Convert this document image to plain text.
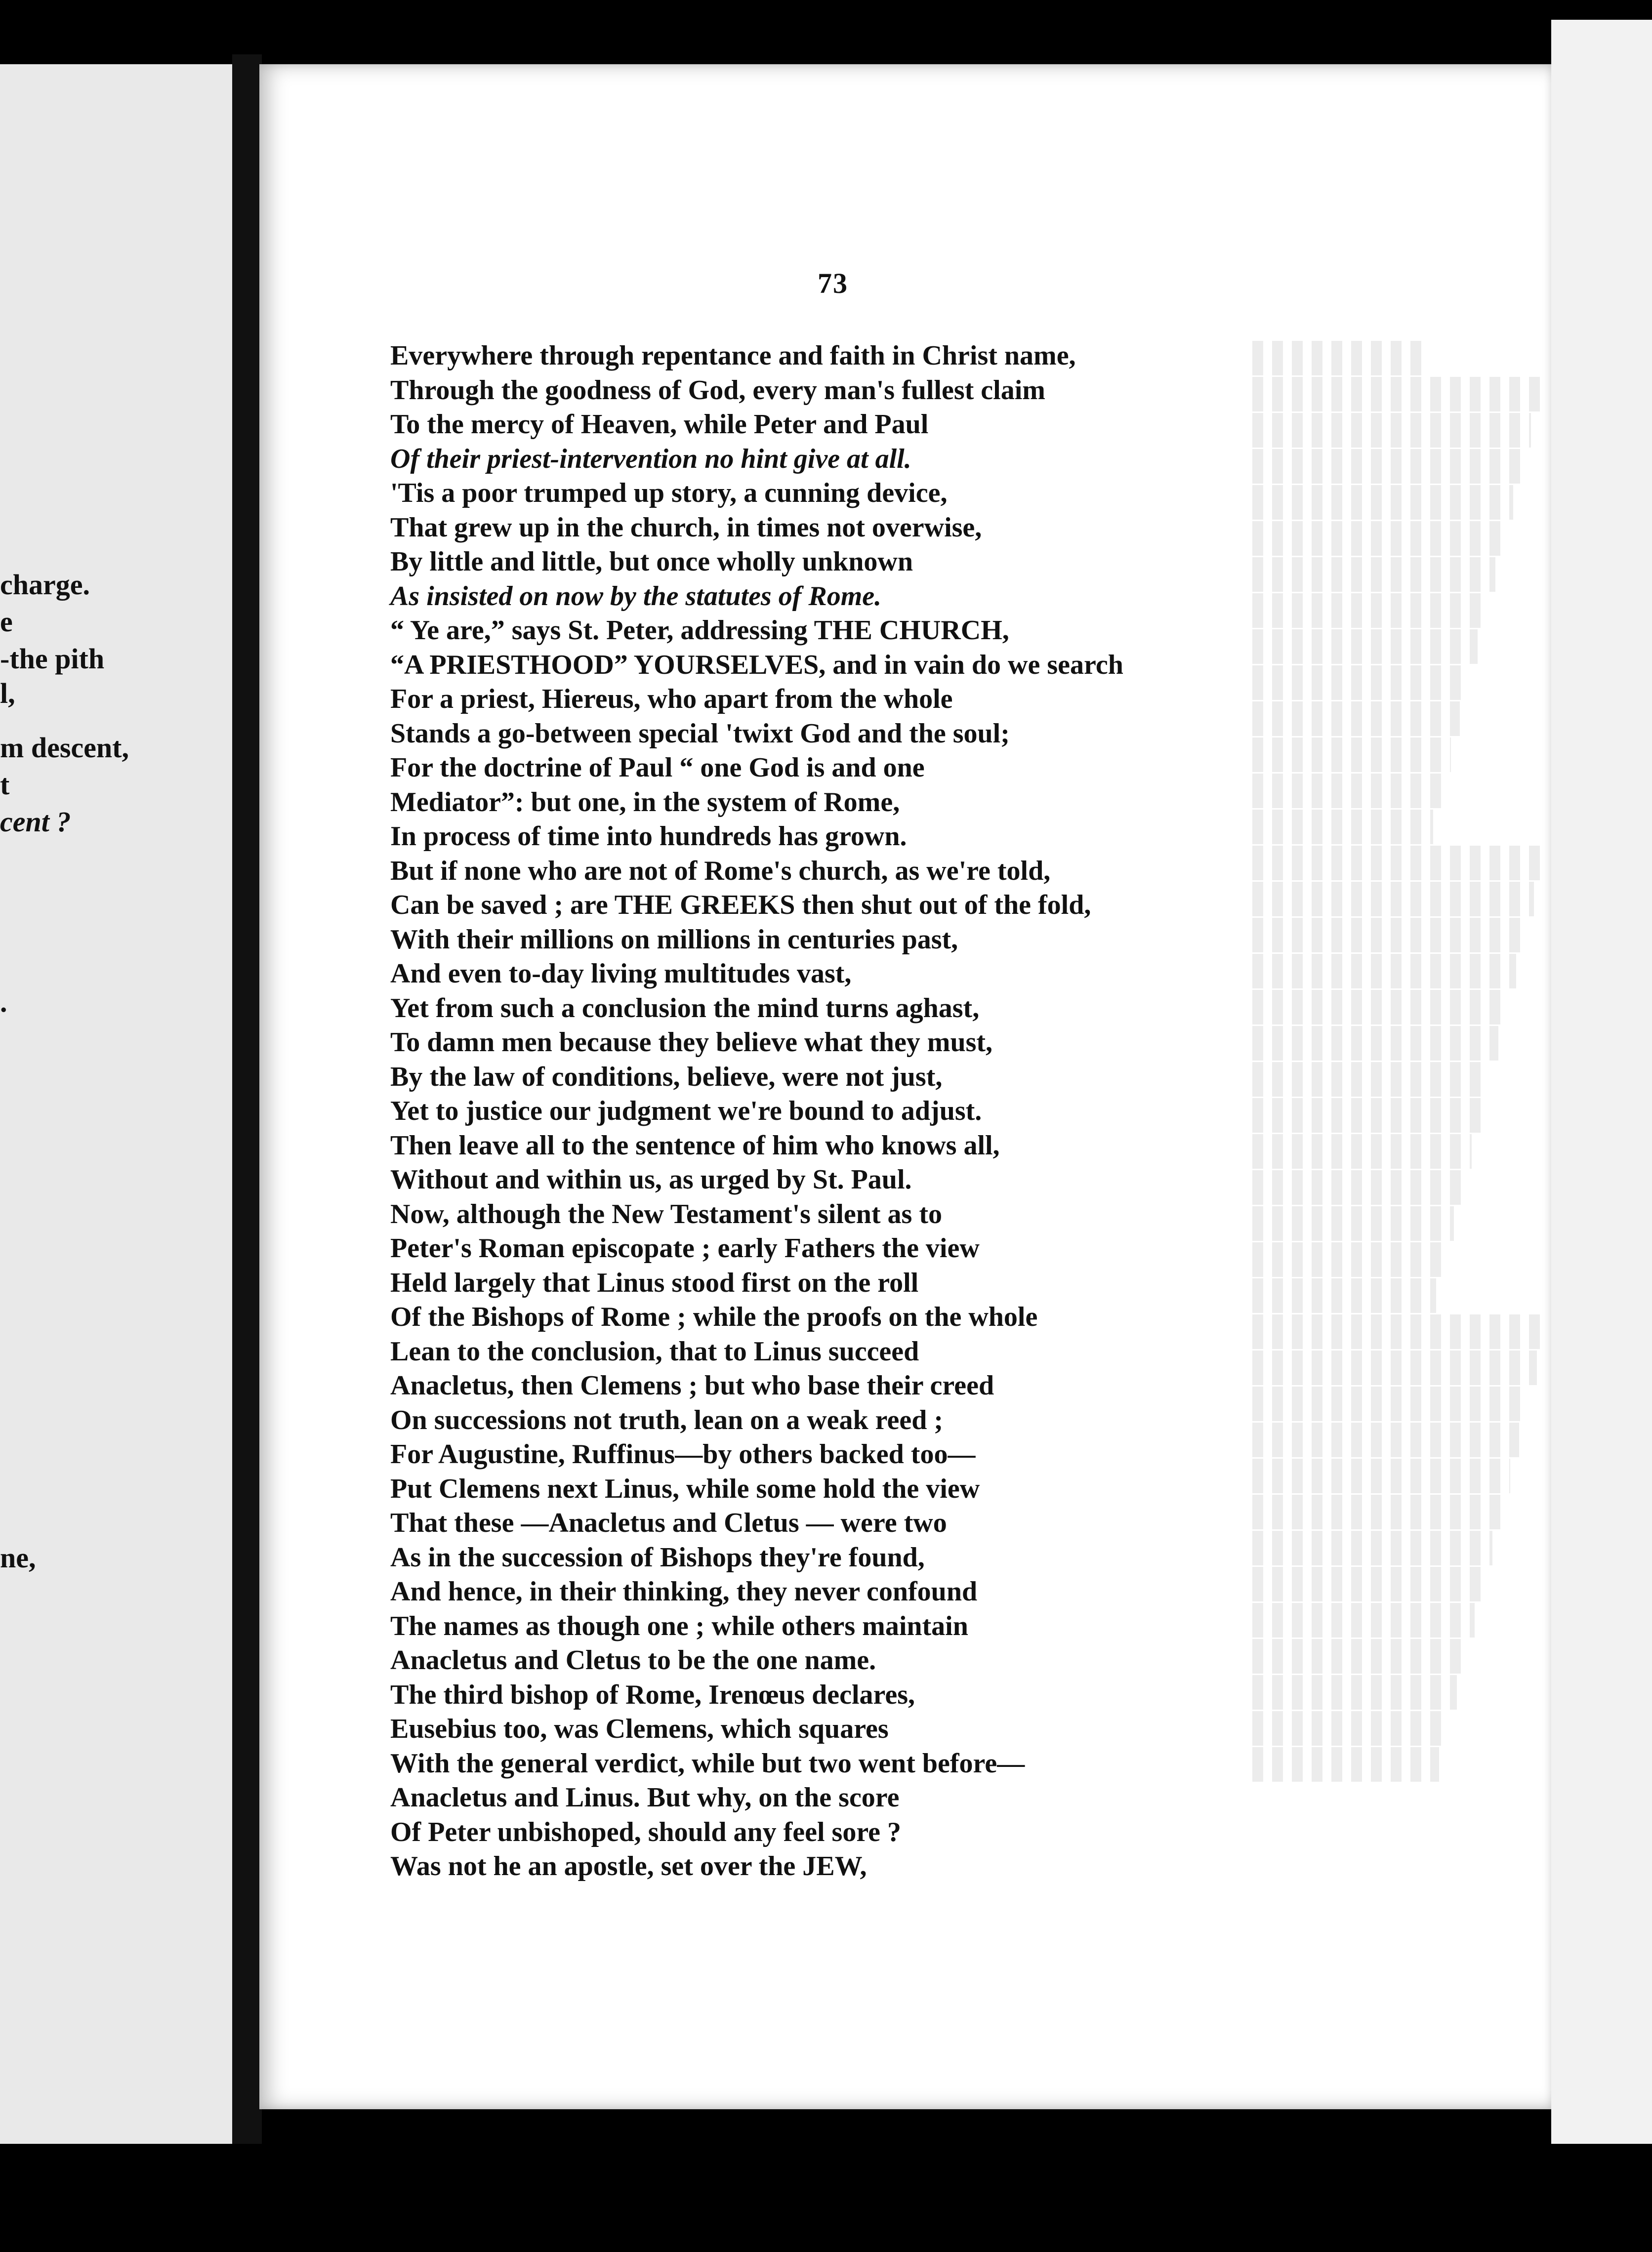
charge.
e
-the pith
l,
m descent,
t
cent ?
.
ne,
73
Everywhere through repentance and faith in Christ name,
Through the goodness of God, every man's fullest claim
To the mercy of Heaven, while Peter and Paul
Of their priest-intervention no hint give at all.
'Tis a poor trumped up story, a cunning device,
That grew up in the church, in times not overwise,
By little and little, but once wholly unknown
As insisted on now by the statutes of Rome.
“ Ye are,” says St. Peter, addressing THE CHURCH,
“A PRIESTHOOD” YOURSELVES, and in vain do we search
For a priest, Hiereus, who apart from the whole
Stands a go-between special 'twixt God and the soul;
For the doctrine of Paul “ one God is and one
Mediator”: but one, in the system of Rome,
In process of time into hundreds has grown.
But if none who are not of Rome's church, as we're told,
Can be saved ; are THE GREEKS then shut out of the fold,
With their millions on millions in centuries past,
And even to-day living multitudes vast,
Yet from such a conclusion the mind turns aghast,
To damn men because they believe what they must,
By the law of conditions, believe, were not just,
Yet to justice our judgment we're bound to adjust.
Then leave all to the sentence of him who knows all,
Without and within us, as urged by St. Paul.
Now, although the New Testament's silent as to
Peter's Roman episcopate ; early Fathers the view
Held largely that Linus stood first on the roll
Of the Bishops of Rome ; while the proofs on the whole
Lean to the conclusion, that to Linus succeed
Anacletus, then Clemens ; but who base their creed
On successions not truth, lean on a weak reed ;
For Augustine, Ruffinus—by others backed too—
Put Clemens next Linus, while some hold the view
That these —Anacletus and Cletus — were two
As in the succession of Bishops they're found,
And hence, in their thinking, they never confound
The names as though one ; while others maintain
Anacletus and Cletus to be the one name.
The third bishop of Rome, Irenœus declares,
Eusebius too, was Clemens, which squares
With the general verdict, while but two went before—
Anacletus and Linus. But why, on the score
Of Peter unbishoped, should any feel sore ?
Was not he an apostle, set over the JEW,
